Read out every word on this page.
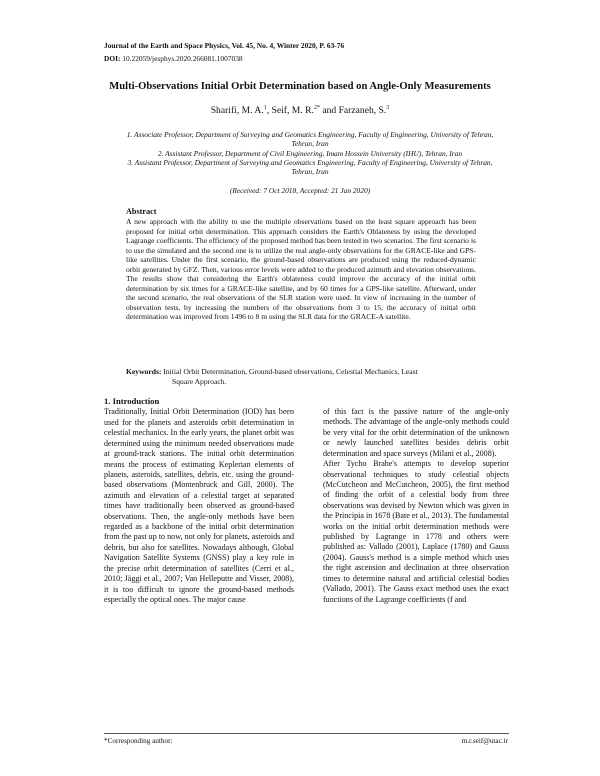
Journal of the Earth and Space Physics, Vol. 45, No. 4, Winter 2020, P. 63-76
DOI: 10.22059/jesphys.2020.266081.1007038
Multi-Observations Initial Orbit Determination based on Angle-Only Measurements
Sharifi, M. A.$^1$, Seif, M. R.$^{2*}$ and Farzaneh, S.$^3$

1. Associate Professor, Department of Surveying and Geomatics Engineering, Faculty of Engineering, University of Tehran, Tehran, Iran

2. Assistant Professor, Department of Civil Engineering, Imam Hossein University (IHU), Tehran, Iran

3. Assistant Professor, Department of Surveying and Geomatics Engineering, Faculty of Engineering, University of Tehran, Tehran, Iran

(Received: 7 Oct 2018, Accepted: 21 Jan 2020)
Abstract

A new approach with the ability to use the multiple observations based on the least square approach has been proposed for initial orbit determination. This approach considers the Earth's Oblateness by using the developed Lagrange coefficients. The efficiency of the proposed method has been tested in two scenarios. The first scenario is to use the simulated and the second one is to utilize the real angle-only observations for the GRACE-like and GPS-like satellites. Under the first scenario, the ground-based observations are produced using the reduced-dynamic orbit generated by GFZ. Then, various error levels were added to the produced azimuth and elevation observations. The results show that considering the Earth's oblateness could improve the accuracy of the initial orbit determination by six times for a GRACE-like satellite, and by 60 times for a GPS-like satellite. Afterward, under the second scenario, the real observations of the SLR station were used. In view of increasing in the number of observation tests, by increasing the numbers of the observations from 3 to 15, the accuracy of initial orbit determination was improved from 1496 to 8 m using the SLR data for the GRACE-A satellite.

Keywords: Initial Orbit Determination, Ground-based observations, Celestial Mechanics, Least
Square Approach.
1. Introduction

Traditionally, Initial Orbit Determination (IOD) has been used for the planets and asteroids orbit determination in celestial mechanics. In the early years, the planet orbit was determined using the minimum needed observations made at ground-track stations. The initial orbit determination means the process of estimating Keplerian elements of planets, asteroids, satellites, debris, etc. using the ground-based observations (Montenbruck and Gill, 2000). The azimuth and elevation of a celestial target at separated times have traditionally been observed as ground-based observations. Then, the angle-only methods have been regarded as a backbone of the initial orbit determination from the past up to now, not only for planets, asteroids and debris, but also for satellites. Nowadays although, Global Navigation Satellite Systems (GNSS) play a key role in the precise orbit determination of satellites (Cerri et al., 2010; Jäggi et al., 2007; Van Helleputte and Visser, 2008), it is too difficult to ignore the ground-based methods especially the optical ones. The major cause

of this fact is the passive nature of the angle-only methods. The advantage of the angle-only methods could be very vital for the orbit determination of the unknown or newly launched satellites besides debris orbit determination and space surveys (Milani et al., 2008).

After Tycho Brahe's attempts to develop superior observational techniques to study celestial objects (McCutcheon and McCutcheon, 2005), the first method of finding the orbit of a celestial body from three observations was devised by Newton which was given in the Principia in 1678 (Bate et al., 2013). The fundamental works on the initial orbit determination methods were published by Lagrange in 1778 and others were published as: Vallado (2001), Laplace (1780) and Gauss (2004). Gauss's method is a simple method which uses the right ascension and declination at three observation times to determine natural and artificial celestial bodies (Vallado, 2001). The Gauss exact method uses the exact functions of the Lagrange coefficients (f and

*Corresponding author:	m.r.seif@utac.ir
